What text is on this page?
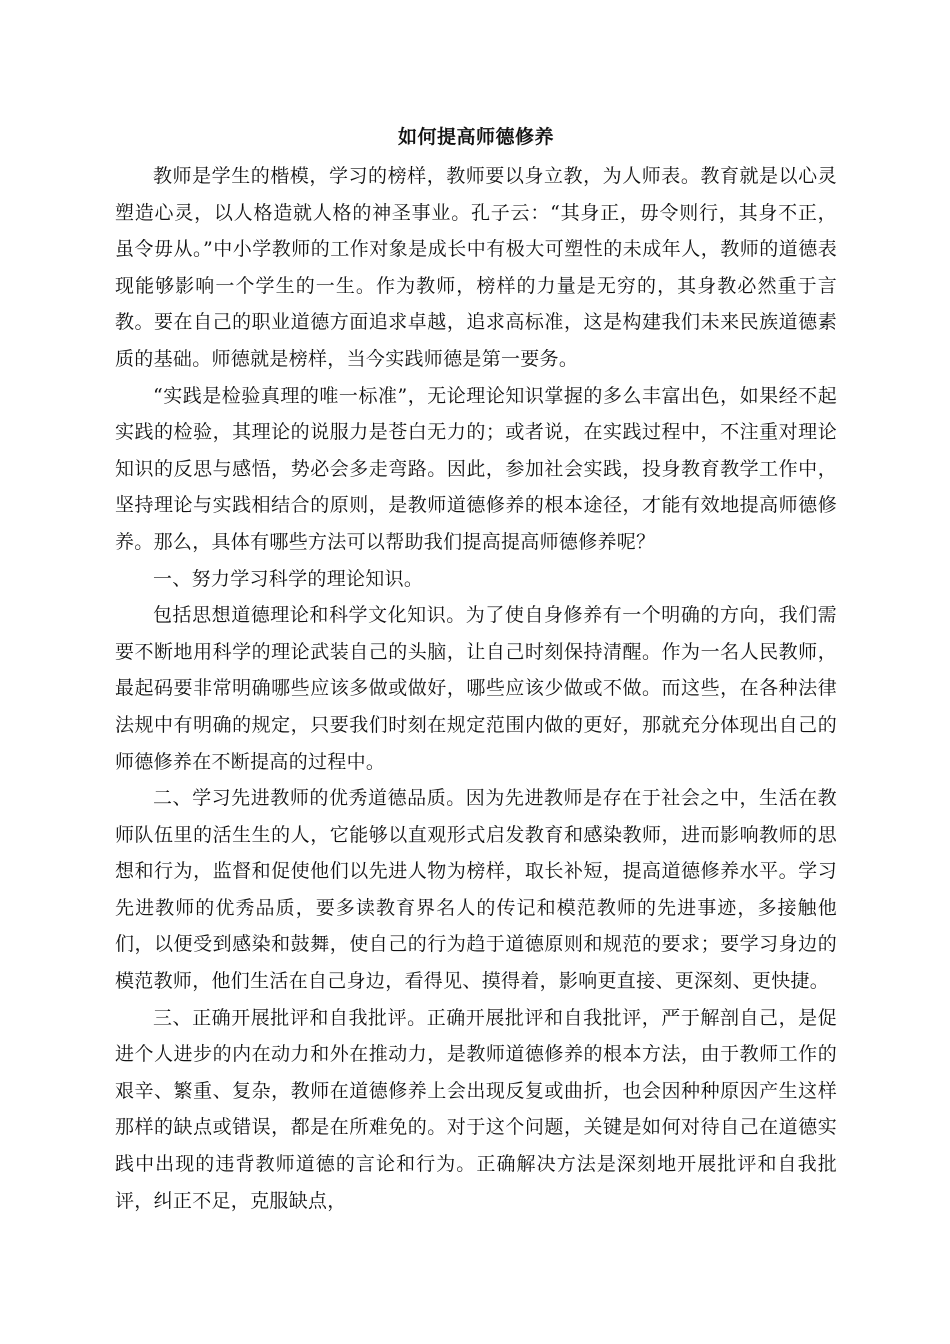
如何提高师德修养

教师是学生的楷模，学习的榜样，教师要以身立教，为人师表。教育就是以心灵塑造心灵，以人格造就人格的神圣事业。孔子云：“其身正，毋令则行，其身不正，虽令毋从。”中小学教师的工作对象是成长中有极大可塑性的未成年人，教师的道德表现能够影响一个学生的一生。作为教师，榜样的力量是无穷的，其身教必然重于言教。要在自己的职业道德方面追求卓越，追求高标准，这是构建我们未来民族道德素质的基础。师德就是榜样，当今实践师德是第一要务。

“实践是检验真理的唯一标准”，无论理论知识掌握的多么丰富出色，如果经不起实践的检验，其理论的说服力是苍白无力的；或者说，在实践过程中，不注重对理论知识的反思与感悟，势必会多走弯路。因此，参加社会实践，投身教育教学工作中，坚持理论与实践相结合的原则，是教师道德修养的根本途径，才能有效地提高师德修养。那么，具体有哪些方法可以帮助我们提高提高师德修养呢？

一、努力学习科学的理论知识。

包括思想道德理论和科学文化知识。为了使自身修养有一个明确的方向，我们需要不断地用科学的理论武装自己的头脑，让自己时刻保持清醒。作为一名人民教师，最起码要非常明确哪些应该多做或做好，哪些应该少做或不做。而这些，在各种法律法规中有明确的规定，只要我们时刻在规定范围内做的更好，那就充分体现出自己的师德修养在不断提高的过程中。

二、学习先进教师的优秀道德品质。因为先进教师是存在于社会之中，生活在教师队伍里的活生生的人，它能够以直观形式启发教育和感染教师，进而影响教师的思想和行为，监督和促使他们以先进人物为榜样，取长补短，提高道德修养水平。学习先进教师的优秀品质，要多读教育界名人的传记和模范教师的先进事迹，多接触他们，以便受到感染和鼓舞，使自己的行为趋于道德原则和规范的要求；要学习身边的模范教师，他们生活在自己身边，看得见、摸得着，影响更直接、更深刻、更快捷。

三、正确开展批评和自我批评。正确开展批评和自我批评，严于解剖自己，是促进个人进步的内在动力和外在推动力，是教师道德修养的根本方法，由于教师工作的艰辛、繁重、复杂，教师在道德修养上会出现反复或曲折，也会因种种原因产生这样那样的缺点或错误，都是在所难免的。对于这个问题，关键是如何对待自己在道德实践中出现的违背教师道德的言论和行为。正确解决方法是深刻地开展批评和自我批评，纠正不足，克服缺点，
